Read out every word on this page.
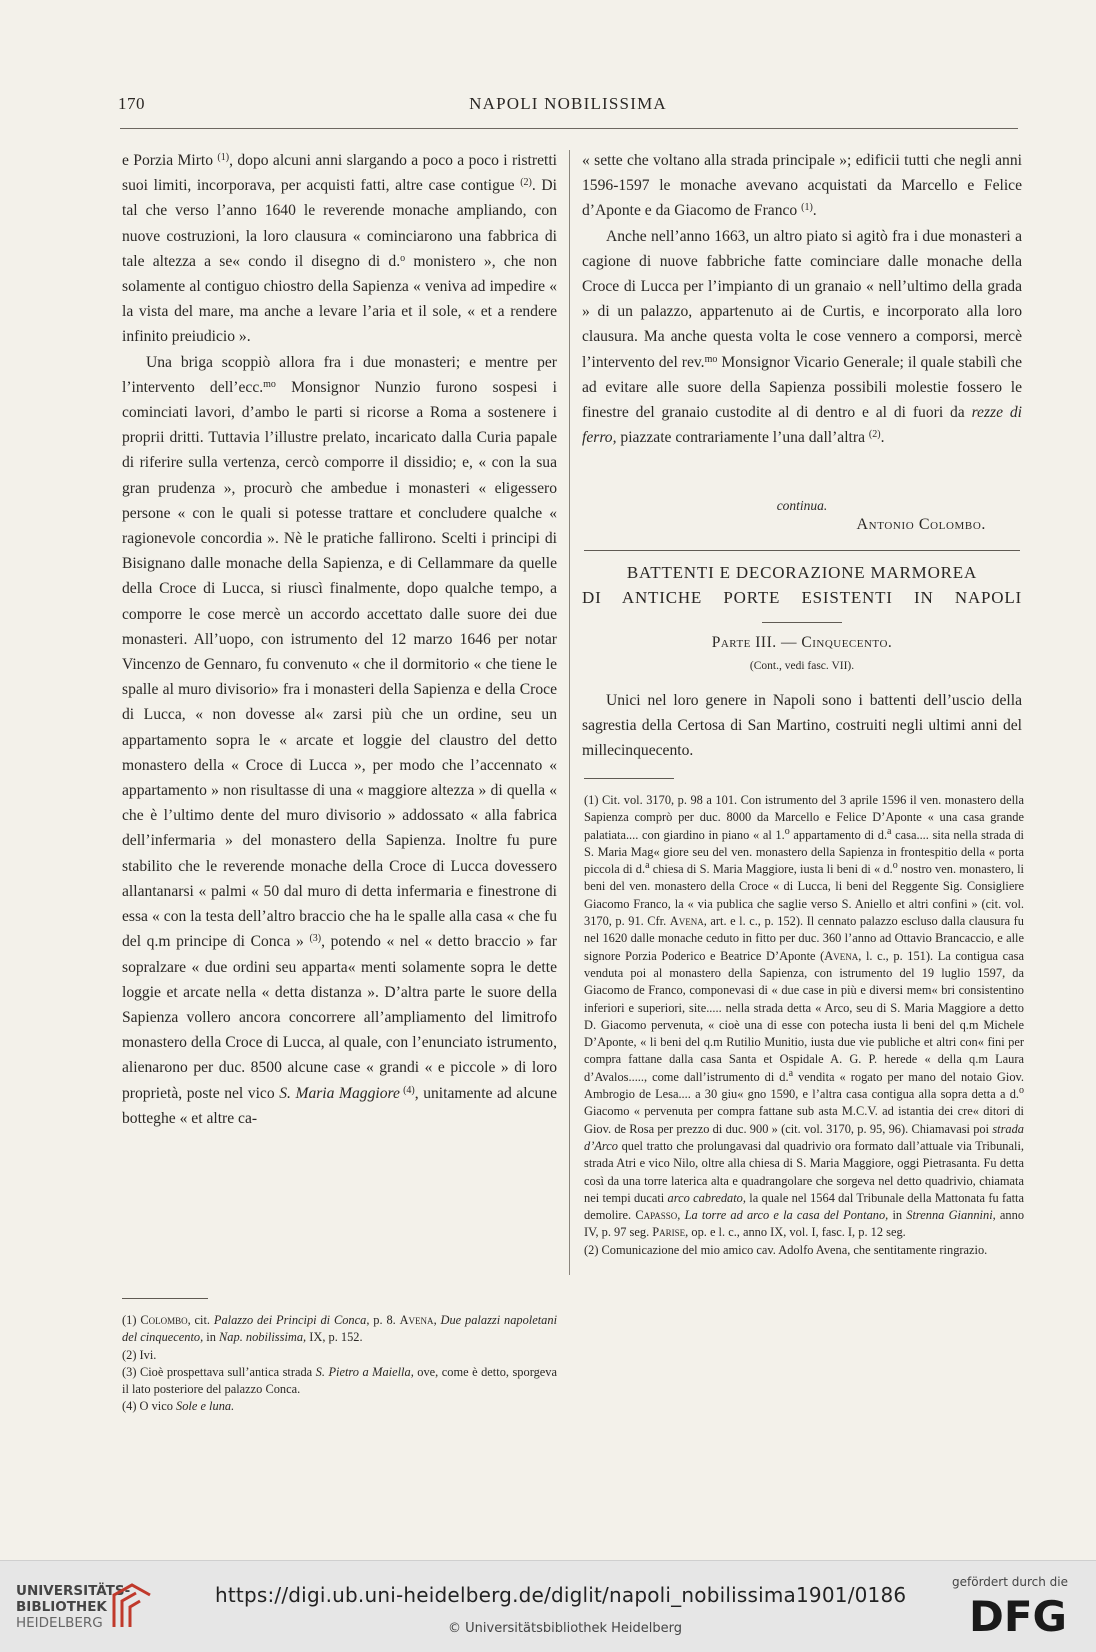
170	NAPOLI NOBILISSIMA

e Porzia Mirto $^{(1)}$, dopo alcuni anni slargando a poco a poco i ristretti suoi limiti, incorporava, per acquisti fatti, altre case contigue $^{(2)}$. Di tal che verso l’anno 1640 le reverende monache ampliando, con nuove costruzioni, la loro clausura « cominciarono una fabbrica di tale altezza a se« condo il disegno di d.$^o$ monistero », che non solamente al contiguo chiostro della Sapienza « veniva ad impedire « la vista del mare, ma anche a levare l’aria et il sole, « et a rendere infinito preiudicio ».

Una briga scoppiò allora fra i due monasteri; e mentre per l’intervento dell’ecc.$^{mo}$ Monsignor Nunzio furono sospesi i cominciati lavori, d’ambo le parti si ricorse a Roma a sostenere i proprii dritti. Tuttavia l’illustre prelato, incaricato dalla Curia papale di riferire sulla vertenza, cercò comporre il dissidio; e, « con la sua gran prudenza », procurò che ambedue i monasteri « eligessero persone « con le quali si potesse trattare et concludere qualche « ragionevole concordia ». Nè le pratiche fallirono. Scelti i principi di Bisignano dalle monache della Sapienza, e di Cellammare da quelle della Croce di Lucca, si riuscì finalmente, dopo qualche tempo, a comporre le cose mercè un accordo accettato dalle suore dei due monasteri. All’uopo, con istrumento del 12 marzo 1646 per notar Vincenzo de Gennaro, fu convenuto « che il dormitorio « che tiene le spalle al muro divisorio» fra i monasteri della Sapienza e della Croce di Lucca, « non dovesse al« zarsi più che un ordine, seu un appartamento sopra le « arcate et loggie del claustro del detto monastero della « Croce di Lucca », per modo che l’accennato « appartamento » non risultasse di una « maggiore altezza » di quella « che è l’ultimo dente del muro divisorio » addossato « alla fabrica dell’infermaria » del monastero della Sapienza. Inoltre fu pure stabilito che le reverende monache della Croce di Lucca dovessero allantanarsi « palmi « 50 dal muro di detta infermaria e finestrone di essa « con la testa dell’altro braccio che ha le spalle alla casa « che fu del q.m principe di Conca » $^{(3)}$, potendo « nel « detto braccio » far sopralzare « due ordini seu apparta« menti solamente sopra le dette loggie et arcate nella « detta distanza ». D’altra parte le suore della Sapienza vollero ancora concorrere all’ampliamento del limitrofo monastero della Croce di Lucca, al quale, con l’enunciato istrumento, alienarono per duc. 8500 alcune case « grandi « e piccole » di loro proprietà, poste nel vico S. Maria Maggiore $^{(4)}$, unitamente ad alcune botteghe « et altre ca-

(1) Colombo, cit. Palazzo dei Principi di Conca, p. 8. Avena, Due palazzi napoletani del cinquecento, in Nap. nobilissima, IX, p. 152.

(2) Ivi.

(3) Cioè prospettava sull’antica strada S. Pietro a Maiella, ove, come è detto, sporgeva il lato posteriore del palazzo Conca.

(4) O vico Sole e luna.

« sette che voltano alla strada principale »; edificii tutti che negli anni 1596-1597 le monache avevano acquistati da Marcello e Felice d’Aponte e da Giacomo de Franco $^{(1)}$.

Anche nell’anno 1663, un altro piato si agitò fra i due monasteri a cagione di nuove fabbriche fatte cominciare dalle monache della Croce di Lucca per l’impianto di un granaio « nell’ultimo della grada » di un palazzo, appartenuto ai de Curtis, e incorporato alla loro clausura. Ma anche questa volta le cose vennero a comporsi, mercè l’intervento del rev.$^{mo}$ Monsignor Vicario Generale; il quale stabilì che ad evitare alle suore della Sapienza possibili molestie fossero le finestre del granaio custodite al di dentro e al di fuori da rezze di ferro, piazzate contrariamente l’una dall’altra $^{(2)}$.

continua.
Antonio Colombo.
BATTENTI E DECORAZIONE MARMOREA
DI ANTICHE PORTE ESISTENTI IN NAPOLI
Parte III. — Cinquecento.
(Cont., vedi fasc. VII).

Unici nel loro genere in Napoli sono i battenti dell’uscio della sagrestia della Certosa di San Martino, costruiti negli ultimi anni del millecinquecento.

(1) Cit. vol. 3170, p. 98 a 101. Con istrumento del 3 aprile 1596 il ven. monastero della Sapienza comprò per duc. 8000 da Marcello e Felice D’Aponte « una casa grande palatiata.... con giardino in piano « al 1.$^o$ appartamento di d.$^a$ casa.... sita nella strada di S. Maria Mag« giore seu del ven. monastero della Sapienza in frontespitio della « porta piccola di d.$^a$ chiesa di S. Maria Maggiore, iusta li beni di « d.$^o$ nostro ven. monastero, li beni del ven. monastero della Croce « di Lucca, li beni del Reggente Sig. Consigliere Giacomo Franco, la « via publica che saglie verso S. Aniello et altri confini » (cit. vol. 3170, p. 91. Cfr. Avena, art. e l. c., p. 152). Il cennato palazzo escluso dalla clausura fu nel 1620 dalle monache ceduto in fitto per duc. 360 l’anno ad Ottavio Brancaccio, e alle signore Porzia Poderico e Beatrice D’Aponte (Avena, l. c., p. 151). La contigua casa venduta poi al monastero della Sapienza, con istrumento del 19 luglio 1597, da Giacomo de Franco, componevasi di « due case in più e diversi mem« bri consistentino inferiori e superiori, site..... nella strada detta « Arco, seu di S. Maria Maggiore a detto D. Giacomo pervenuta, « cioè una di esse con potecha iusta li beni del q.m Michele D’Aponte, « li beni del q.m Rutilio Munitio, iusta due vie publiche et altri con« fini per compra fattane dalla casa Santa et Ospidale A. G. P. herede « della q.m Laura d’Avalos....., come dall’istrumento di d.$^a$ vendita « rogato per mano del notaio Giov. Ambrogio de Lesa.... a 30 giu« gno 1590, e l’altra casa contigua alla sopra detta a d.$^o$ Giacomo « pervenuta per compra fattane sub asta M.C.V. ad istantia dei cre« ditori di Giov. de Rosa per prezzo di duc. 900 » (cit. vol. 3170, p. 95, 96). Chiamavasi poi strada d’Arco quel tratto che prolungavasi dal quadrivio ora formato dall’attuale via Tribunali, strada Atri e vico Nilo, oltre alla chiesa di S. Maria Maggiore, oggi Pietrasanta. Fu detta così da una torre laterica alta e quadrangolare che sorgeva nel detto quadrivio, chiamata nei tempi ducati arco cabredato, la quale nel 1564 dal Tribunale della Mattonata fu fatta demolire. Capasso, La torre ad arco e la casa del Pontano, in Strenna Giannini, anno IV, p. 97 seg. Parise, op. e l. c., anno IX, vol. I, fasc. I, p. 12 seg.

(2) Comunicazione del mio amico cav. Adolfo Avena, che sentitamente ringrazio.

UNIVERSITÄTS-
BIBLIOTHEK
HEIDELBERG
https://digi.ub.uni-heidelberg.de/diglit/napoli_nobilissima1901/0186
© Universitätsbibliothek Heidelberg
gefördert durch die
DFG
